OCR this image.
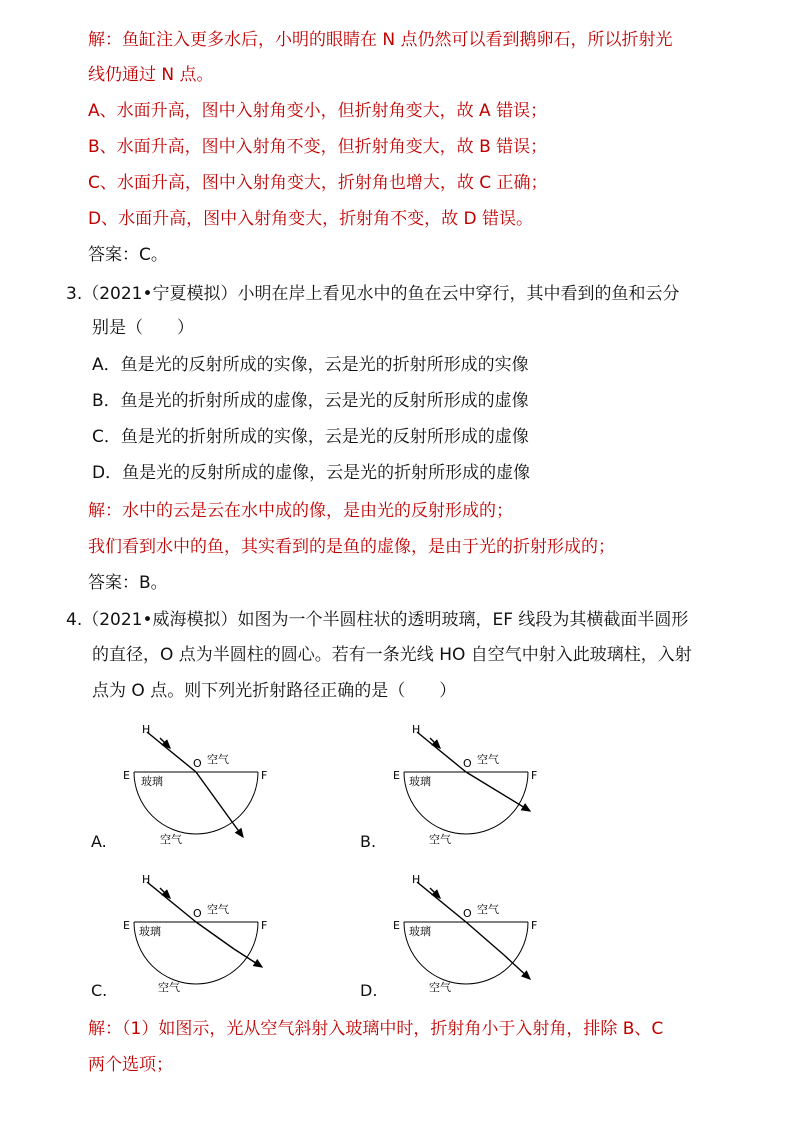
解：鱼缸注入更多水后，小明的眼睛在 N 点仍然可以看到鹅卵石，所以折射光
线仍通过 N 点。
A、水面升高，图中入射角变小，但折射角变大，故 A 错误；
B、水面升高，图中入射角不变，但折射角变大，故 B 错误；
C、水面升高，图中入射角变大，折射角也增大，故 C 正确；
D、水面升高，图中入射角变大，折射角不变，故 D 错误。
答案：C。
3.（2021•宁夏模拟）小明在岸上看见水中的鱼在云中穿行，其中看到的鱼和云分
别是（　　）
A．鱼是光的反射所成的实像，云是光的折射所形成的实像
B．鱼是光的折射所成的虚像，云是光的反射所形成的虚像
C．鱼是光的折射所成的实像，云是光的反射所形成的虚像
D．鱼是光的反射所成的虚像，云是光的折射所形成的虚像
解：水中的云是云在水中成的像，是由光的反射形成的；
我们看到水中的鱼，其实看到的是鱼的虚像，是由于光的折射形成的；
答案：B。
4.（2021•威海模拟）如图为一个半圆柱状的透明玻璃，EF 线段为其横截面半圆形
的直径，O 点为半圆柱的圆心。若有一条光线 HO 自空气中射入此玻璃柱，入射
点为 O 点。则下列光折射路径正确的是（　　）
H
O 空气
E	F
玻璃
空气
A.
H
O 空气
E	F
玻璃
空气
B.
H
O 空气
E	F
玻璃
空气
C.
H
O 空气
E	F
玻璃
空气
D.
解：（1）如图示，光从空气斜射入玻璃中时，折射角小于入射角，排除 B、C
两个选项；
